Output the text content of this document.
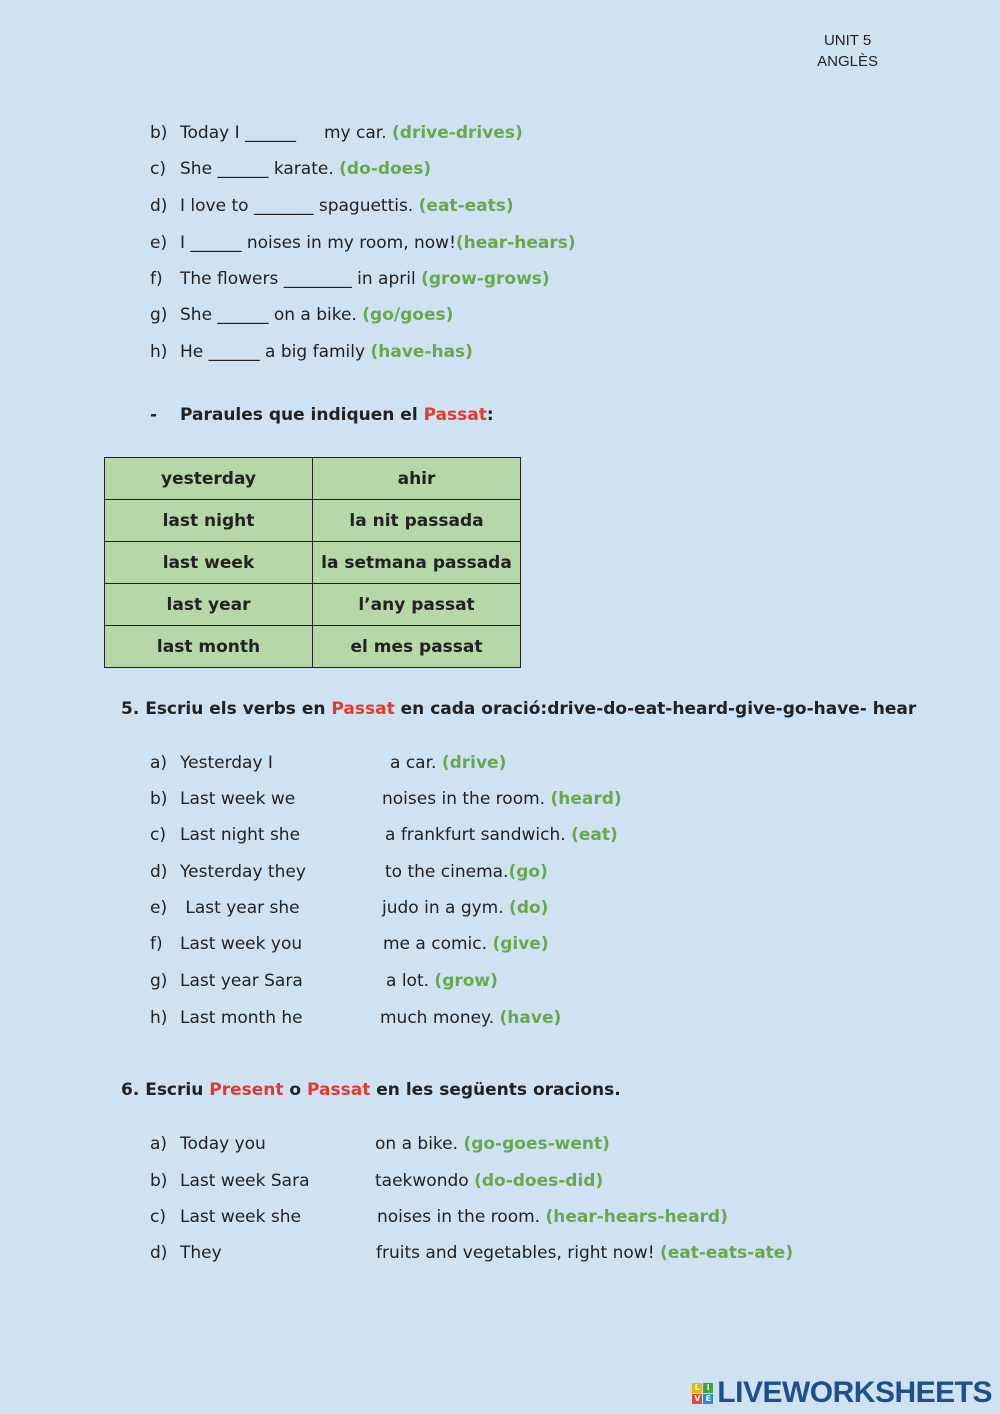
UNIT 5
ANGLÈS
b) Today I ______ my car. (drive-drives)
c) She ______ karate. (do-does)
d) I love to _______ spaguettis. (eat-eats)
e) I ______ noises in my room, now!(hear-hears)
f) The flowers ________ in april (grow-grows)
g) She ______ on a bike. (go/goes)
h) He ______ a big family (have-has)
- Paraules que indiquen el Passat:
yesterday	ahir
last night	la nit passada
last week	la setmana passada
last year	l’any passat
last month	el mes passat
5. Escriu els verbs en Passat en cada oració:drive-do-eat-heard-give-go-have- hear
a) Yesterday I	a car. (drive)
b) Last week we	noises in the room. (heard)
c) Last night she	a frankfurt sandwich. (eat)
d) Yesterday they	to the cinema.(go)
e) Last year she	judo in a gym. (do)
f) Last week you	me a comic. (give)
g) Last year Sara	a lot. (grow)
h) Last month he	much money. (have)
6. Escriu Present o Passat en les següents oracions.
a) Today you	on a bike. (go-goes-went)
b) Last week Sara	taekwondo (do-does-did)
c) Last week she	noises in the room. (hear-hears-heard)
d) They	fruits and vegetables, right now! (eat-eats-ate)
L I
V E LIVEWORKSHEETS
